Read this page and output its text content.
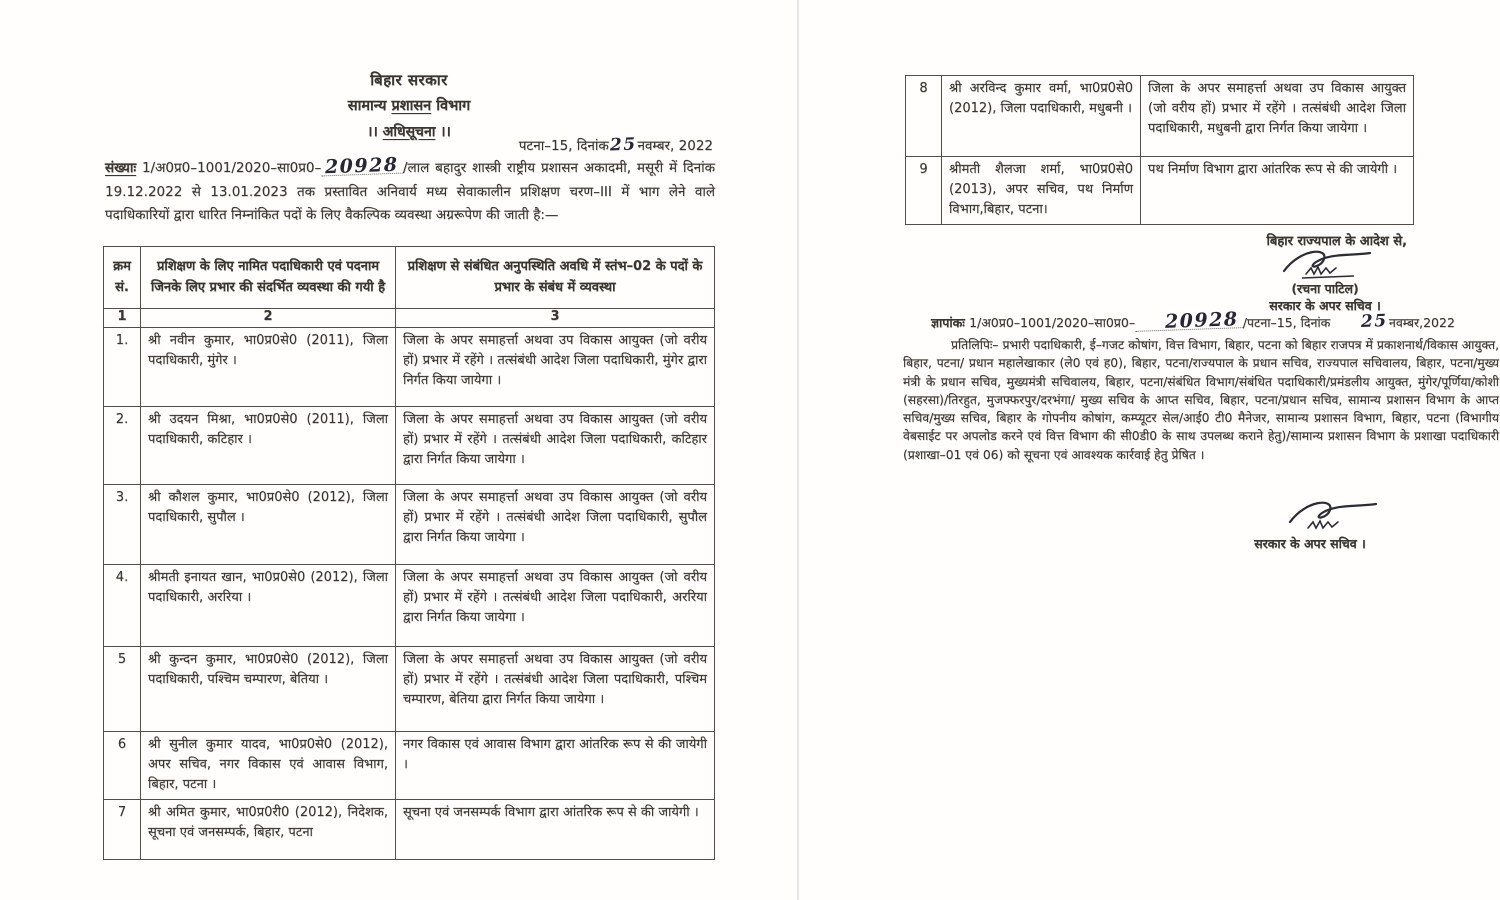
बिहार सरकार
सामान्य प्रशासन विभाग
।। अधिसूचना ।।
पटना–15, दिनांक25नवम्बर, 2022
संख्याः 1/अ0प्र0–1001/2020–सा0प्र0– 20928 /लाल बहादुर शास्त्री राष्ट्रीय प्रशासन अकादमी, मसूरी में दिनांक 19.12.2022 से 13.01.2023 तक प्रस्तावित अनिवार्य मध्य सेवाकालीन प्रशिक्षण चरण–III में भाग लेने वाले पदाधिकारियों द्वारा धारित निम्नांकित पदों के लिए वैकल्पिक व्यवस्था अग्ररूपेण की जाती है:—
क्रम सं.	प्रशिक्षण के लिए नामित पदाधिकारी एवं पदनाम जिनके लिए प्रभार की संदर्भित व्यवस्था की गयी है	प्रशिक्षण से संबंधित अनुपस्थिति अवधि में स्तंभ–02 के पदों के प्रभार के संबंध में व्यवस्था
1	2	3
1.	श्री नवीन कुमार, भा0प्र0से0 (2011), जिला पदाधिकारी, मुंगेर ।	जिला के अपर समाहर्त्ता अथवा उप विकास आयुक्त (जो वरीय हों) प्रभार में रहेंगे । तत्संबंधी आदेश जिला पदाधिकारी, मुंगेर द्वारा निर्गत किया जायेगा ।
2.	श्री उदयन मिश्रा, भा0प्र0से0 (2011), जिला पदाधिकारी, कटिहार ।	जिला के अपर समाहर्त्ता अथवा उप विकास आयुक्त (जो वरीय हों) प्रभार में रहेंगे । तत्संबंधी आदेश जिला पदाधिकारी, कटिहार द्वारा निर्गत किया जायेगा ।
3.	श्री कौशल कुमार, भा0प्र0से0 (2012), जिला पदाधिकारी, सुपौल ।	जिला के अपर समाहर्त्ता अथवा उप विकास आयुक्त (जो वरीय हों) प्रभार में रहेंगे । तत्संबंधी आदेश जिला पदाधिकारी, सुपौल द्वारा निर्गत किया जायेगा ।
4.	श्रीमती इनायत खान, भा0प्र0से0 (2012), जिला पदाधिकारी, अररिया ।	जिला के अपर समाहर्त्ता अथवा उप विकास आयुक्त (जो वरीय हों) प्रभार में रहेंगे । तत्संबंधी आदेश जिला पदाधिकारी, अररिया द्वारा निर्गत किया जायेगा ।
5	श्री कुन्दन कुमार, भा0प्र0से0 (2012), जिला पदाधिकारी, पश्चिम चम्पारण, बेतिया ।	जिला के अपर समाहर्त्ता अथवा उप विकास आयुक्त (जो वरीय हों) प्रभार में रहेंगे । तत्संबंधी आदेश जिला पदाधिकारी, पश्चिम चम्पारण, बेतिया द्वारा निर्गत किया जायेगा ।
6	श्री सुनील कुमार यादव, भा0प्र0से0 (2012), अपर सचिव, नगर विकास एवं आवास विभाग, बिहार, पटना ।	नगर विकास एवं आवास विभाग द्वारा आंतरिक रूप से की जायेगी ।
7	श्री अमित कुमार, भा0प्र0री0 (2012), निदेशक, सूचना एवं जनसम्पर्क, बिहार, पटना	सूचना एवं जनसम्पर्क विभाग द्वारा आंतरिक रूप से की जायेगी ।
8	श्री अरविन्द कुमार वर्मा, भा0प्र0से0 (2012), जिला पदाधिकारी, मधुबनी ।	जिला के अपर समाहर्त्ता अथवा उप विकास आयुक्त (जो वरीय हों) प्रभार में रहेंगे । तत्संबंधी आदेश जिला पदाधिकारी, मधुबनी द्वारा निर्गत किया जायेगा ।
9	श्रीमती शैलजा शर्मा, भा0प्र0से0 (2013), अपर सचिव, पथ निर्माण विभाग,बिहार, पटना।	पथ निर्माण विभाग द्वारा आंतरिक रूप से की जायेगी ।
बिहार राज्यपाल के आदेश से,
(रचना पाटिल)
सरकार के अपर सचिव ।
ज्ञापांकः 1/अ0प्र0–1001/2020–सा0प्र0– 20928 /पटना–15, दिनांक 25नवम्बर,2022
प्रतिलिपिः– प्रभारी पदाधिकारी, ई–गजट कोषांग, वित्त विभाग, बिहार, पटना को बिहार राजपत्र में प्रकाशनार्थ/विकास आयुक्त, बिहार, पटना/ प्रधान महालेखाकार (ले0 एवं ह0), बिहार, पटना/राज्यपाल के प्रधान सचिव, राज्यपाल सचिवालय, बिहार, पटना/मुख्य मंत्री के प्रधान सचिव, मुख्यमंत्री सचिवालय, बिहार, पटना/संबंधित विभाग/संबंधित पदाधिकारी/प्रमंडलीय आयुक्त, मुंगेर/पूर्णिया/कोशी (सहरसा)/तिरहुत, मुजफ्फरपुर/दरभंगा/ मुख्य सचिव के आप्त सचिव, बिहार, पटना/प्रधान सचिव, सामान्य प्रशासन विभाग के आप्त सचिव/मुख्य सचिव, बिहार के गोपनीय कोषांग, कम्प्यूटर सेल/आई0 टी0 मैनेजर, सामान्य प्रशासन विभाग, बिहार, पटना (विभागीय वेबसाईट पर अपलोड करने एवं वित्त विभाग की सी0डी0 के साथ उपलब्ध कराने हेतु)/सामान्य प्रशासन विभाग के प्रशाखा पदाधिकारी (प्रशाखा–01 एवं 06) को सूचना एवं आवश्यक कार्रवाई हेतु प्रेषित ।
सरकार के अपर सचिव ।
